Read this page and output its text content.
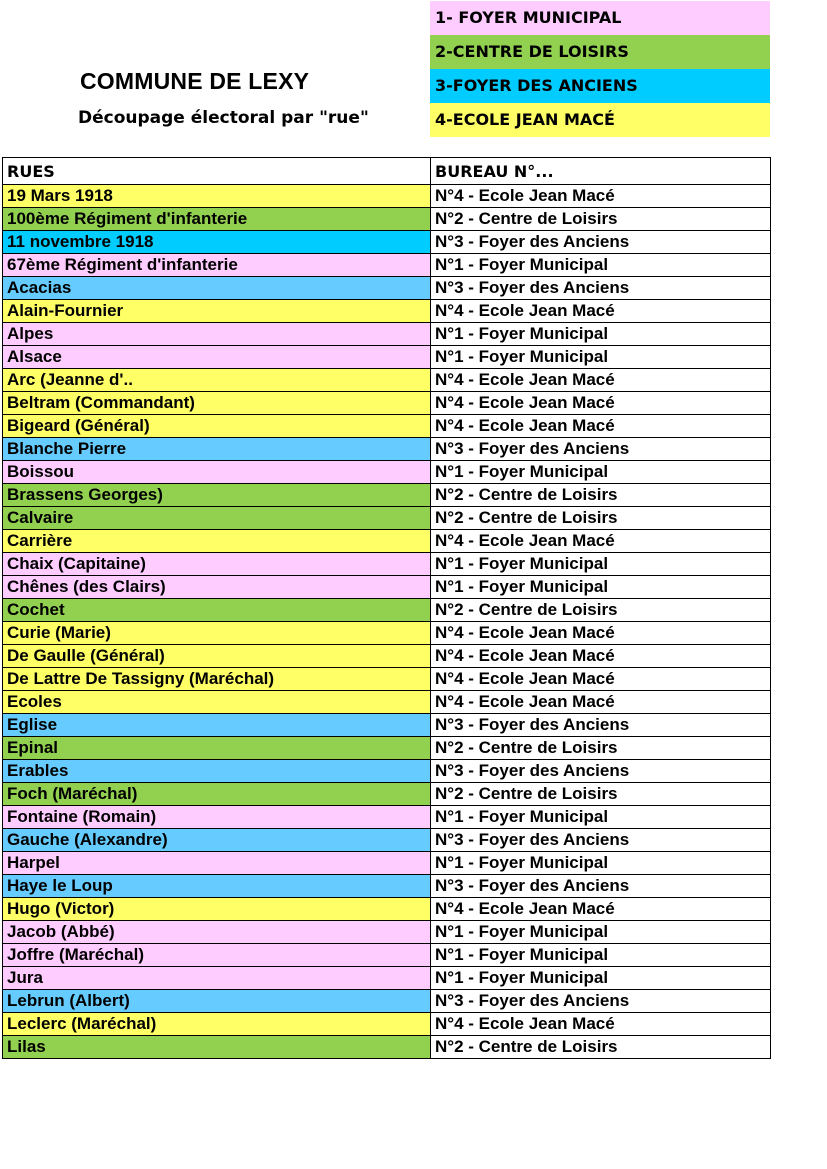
COMMUNE DE LEXY
Découpage électoral par "rue"
1- FOYER MUNICIPAL
2-CENTRE DE LOISIRS
3-FOYER DES ANCIENS
4-ECOLE JEAN MACÉ
RUES	BUREAU N°...
19 Mars 1918	N°4 - Ecole Jean Macé
100ème Régiment d'infanterie	N°2 - Centre de Loisirs
11 novembre 1918	N°3 - Foyer des Anciens
67ème Régiment d'infanterie	N°1 - Foyer Municipal
Acacias	N°3 - Foyer des Anciens
Alain-Fournier	N°4 - Ecole Jean Macé
Alpes	N°1 - Foyer Municipal
Alsace	N°1 - Foyer Municipal
Arc (Jeanne d'..	N°4 - Ecole Jean Macé
Beltram (Commandant)	N°4 - Ecole Jean Macé
Bigeard (Général)	N°4 - Ecole Jean Macé
Blanche Pierre	N°3 - Foyer des Anciens
Boissou	N°1 - Foyer Municipal
Brassens Georges)	N°2 - Centre de Loisirs
Calvaire	N°2 - Centre de Loisirs
Carrière	N°4 - Ecole Jean Macé
Chaix (Capitaine)	N°1 - Foyer Municipal
Chênes (des Clairs)	N°1 - Foyer Municipal
Cochet	N°2 - Centre de Loisirs
Curie (Marie)	N°4 - Ecole Jean Macé
De Gaulle (Général)	N°4 - Ecole Jean Macé
De Lattre De Tassigny (Maréchal)	N°4 - Ecole Jean Macé
Ecoles	N°4 - Ecole Jean Macé
Eglise	N°3 - Foyer des Anciens
Epinal	N°2 - Centre de Loisirs
Erables	N°3 - Foyer des Anciens
Foch (Maréchal)	N°2 - Centre de Loisirs
Fontaine (Romain)	N°1 - Foyer Municipal
Gauche (Alexandre)	N°3 - Foyer des Anciens
Harpel	N°1 - Foyer Municipal
Haye le Loup	N°3 - Foyer des Anciens
Hugo (Victor)	N°4 - Ecole Jean Macé
Jacob (Abbé)	N°1 - Foyer Municipal
Joffre (Maréchal)	N°1 - Foyer Municipal
Jura	N°1 - Foyer Municipal
Lebrun (Albert)	N°3 - Foyer des Anciens
Leclerc (Maréchal)	N°4 - Ecole Jean Macé
Lilas	N°2 - Centre de Loisirs
